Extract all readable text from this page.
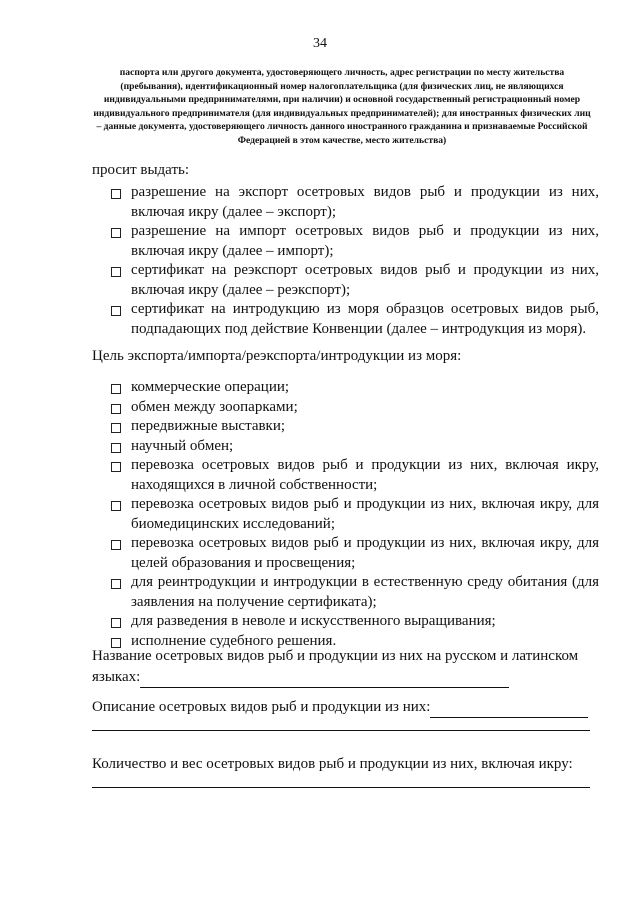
34
паспорта или другого документа, удостоверяющего личность, адрес регистрации по месту жительства (пребывания), идентификационный номер налогоплательщика (для физических лиц, не являющихся индивидуальными предпринимателями, при наличии) и основной государственный регистрационный номер индивидуального предпринимателя (для индивидуальных предпринимателей); для иностранных физических лиц – данные документа, удостоверяющего личность данного иностранного гражданина и признаваемые Российской Федерацией в этом качестве, место жительства)
просит выдать:
разрешение на экспорт осетровых видов рыб и продукции из них, включая икру (далее – экспорт);
разрешение на импорт осетровых видов рыб и продукции из них, включая икру (далее – импорт);
сертификат на реэкспорт осетровых видов рыб и продукции из них, включая икру (далее – реэкспорт);
сертификат на интродукцию из моря образцов осетровых видов рыб, подпадающих под действие Конвенции (далее – интродукция из моря).
Цель экспорта/импорта/реэкспорта/интродукции из моря:
коммерческие операции;
обмен между зоопарками;
передвижные выставки;
научный обмен;
перевозка осетровых видов рыб и продукции из них, включая икру, находящихся в личной собственности;
перевозка осетровых видов рыб и продукции из них, включая икру, для биомедицинских исследований;
перевозка осетровых видов рыб и продукции из них, включая икру, для целей образования и просвещения;
для реинтродукции и интродукции в естественную среду обитания (для заявления на получение сертификата);
для разведения в неволе и искусственного выращивания;
исполнение судебного решения.
Название осетровых видов рыб и продукции из них на русском и латинском
языках:
Описание осетровых видов рыб и продукции из них:
Количество и вес осетровых видов рыб и продукции из них, включая икру:
